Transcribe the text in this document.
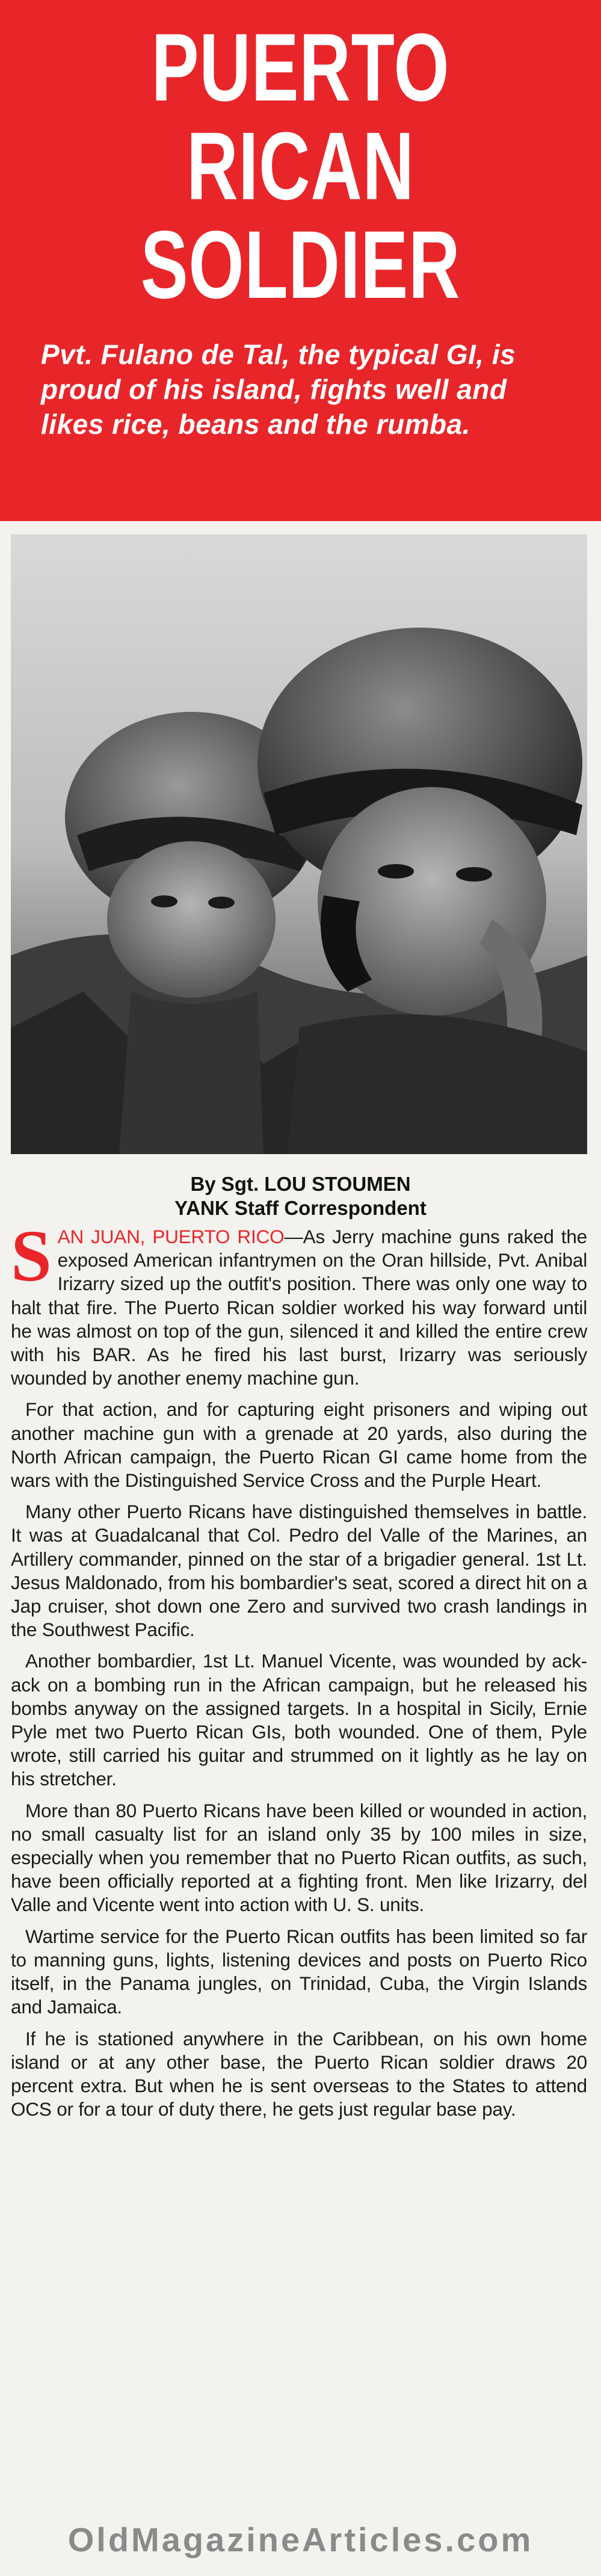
PUERTO
RICAN
SOLDIER
Pvt. Fulano de Tal, the typical GI, is proud of his island, fights well and likes rice, beans and the rumba.
By Sgt. LOU STOUMEN
YANK Staff Correspondent

SAN JUAN, PUERTO RICO—As Jerry machine guns raked the exposed American infantrymen on the Oran hillside, Pvt. Anibal Irizarry sized up the outfit's position. There was only one way to halt that fire. The Puerto Rican soldier worked his way forward until he was almost on top of the gun, silenced it and killed the entire crew with his BAR. As he fired his last burst, Irizarry was seriously wounded by another enemy machine gun.

For that action, and for capturing eight prisoners and wiping out another machine gun with a grenade at 20 yards, also during the North African campaign, the Puerto Rican GI came home from the wars with the Distinguished Service Cross and the Purple Heart.

Many other Puerto Ricans have distinguished themselves in battle. It was at Guadalcanal that Col. Pedro del Valle of the Marines, an Artillery commander, pinned on the star of a brigadier general. 1st Lt. Jesus Maldonado, from his bombardier's seat, scored a direct hit on a Jap cruiser, shot down one Zero and survived two crash landings in the Southwest Pacific.

Another bombardier, 1st Lt. Manuel Vicente, was wounded by ack-ack on a bombing run in the African campaign, but he released his bombs anyway on the assigned targets. In a hospital in Sicily, Ernie Pyle met two Puerto Rican GIs, both wounded. One of them, Pyle wrote, still carried his guitar and strummed on it lightly as he lay on his stretcher.

More than 80 Puerto Ricans have been killed or wounded in action, no small casualty list for an island only 35 by 100 miles in size, especially when you remember that no Puerto Rican outfits, as such, have been officially reported at a fighting front. Men like Irizarry, del Valle and Vicente went into action with U. S. units.

Wartime service for the Puerto Rican outfits has been limited so far to manning guns, lights, listening devices and posts on Puerto Rico itself, in the Panama jungles, on Trinidad, Cuba, the Virgin Islands and Jamaica.

If he is stationed anywhere in the Caribbean, on his own home island or at any other base, the Puerto Rican soldier draws 20 percent extra. But when he is sent overseas to the States to attend OCS or for a tour of duty there, he gets just regular base pay.

OldMagazineArticles.com
